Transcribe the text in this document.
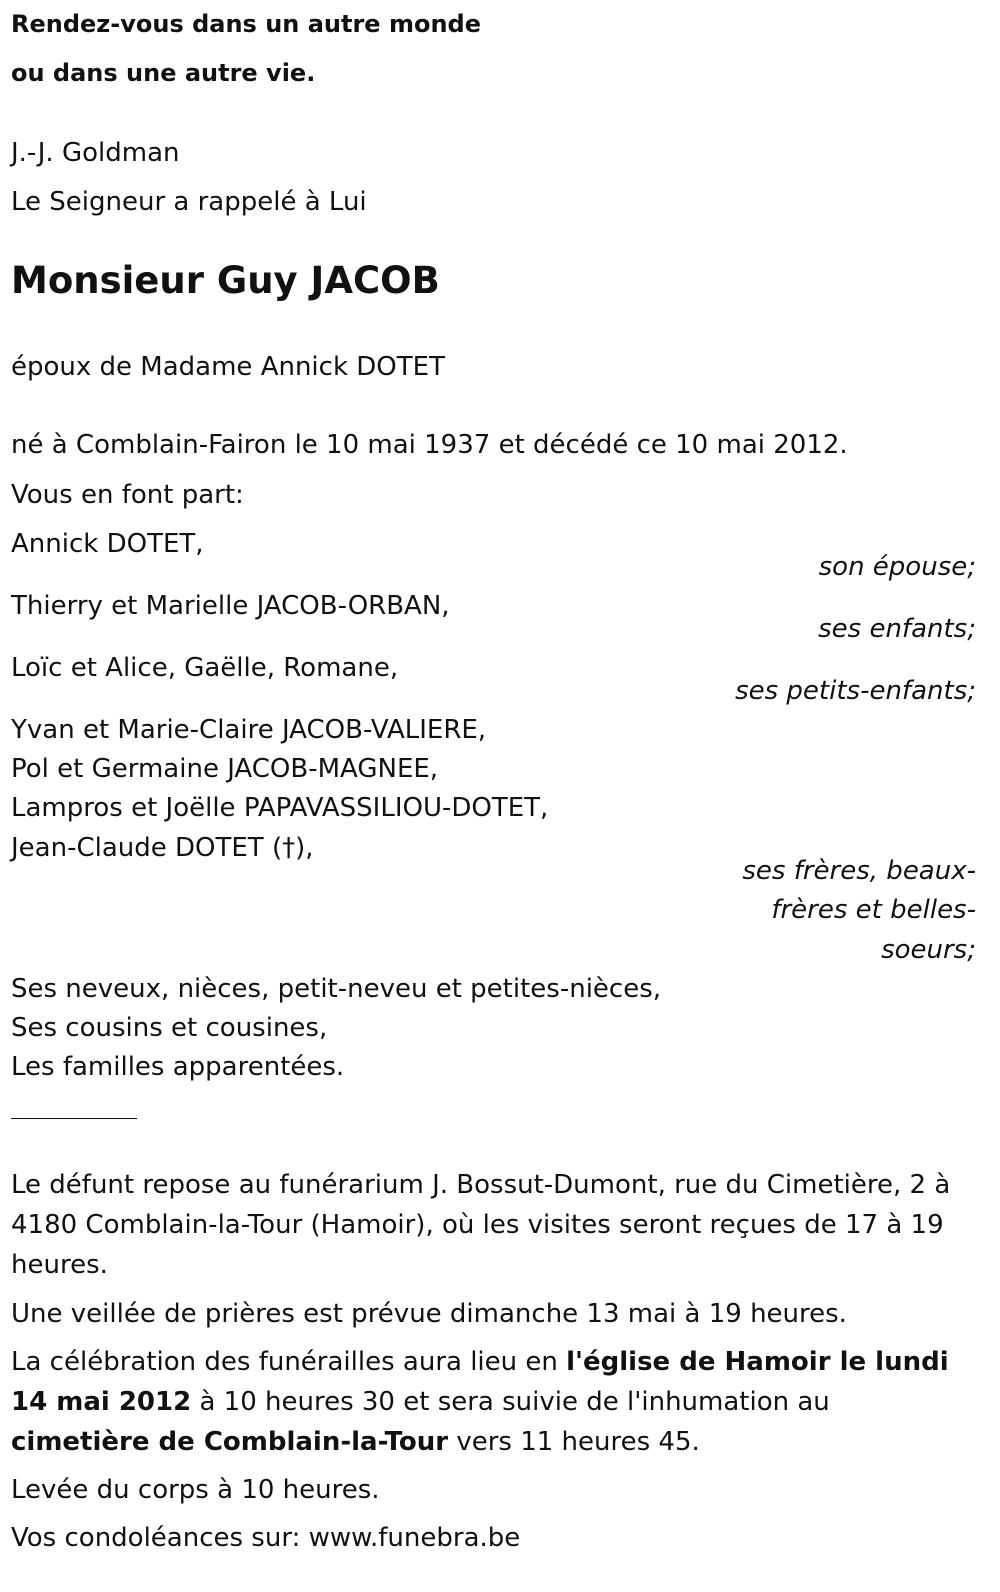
Rendez-vous dans un autre monde
ou dans une autre vie.
J.-J. Goldman
Le Seigneur a rappelé à Lui
Monsieur Guy JACOB
époux de Madame Annick DOTET
né à Comblain-Fairon le 10 mai 1937 et décédé ce 10 mai 2012.
Vous en font part:
Annick DOTET,
son épouse;
Thierry et Marielle JACOB-ORBAN,
ses enfants;
Loïc et Alice, Gaëlle, Romane,
ses petits-enfants;
Yvan et Marie-Claire JACOB-VALIERE,
Pol et Germaine JACOB-MAGNEE,
Lampros et Joëlle PAPAVASSILIOU-DOTET,
Jean-Claude DOTET (†),
ses frères, beaux-
frères et belles-
soeurs;
Ses neveux, nièces, petit-neveu et petites-nièces,
Ses cousins et cousines,
Les familles apparentées.
Le défunt repose au funérarium J. Bossut-Dumont, rue du Cimetière, 2 à 4180 Comblain-la-Tour (Hamoir), où les visites seront reçues de 17 à 19 heures.
Une veillée de prières est prévue dimanche 13 mai à 19 heures.
La célébration des funérailles aura lieu en l'église de Hamoir le lundi 14 mai 2012 à 10 heures 30 et sera suivie de l'inhumation au cimetière de Comblain-la-Tour vers 11 heures 45.
Levée du corps à 10 heures.
Vos condoléances sur: www.funebra.be
